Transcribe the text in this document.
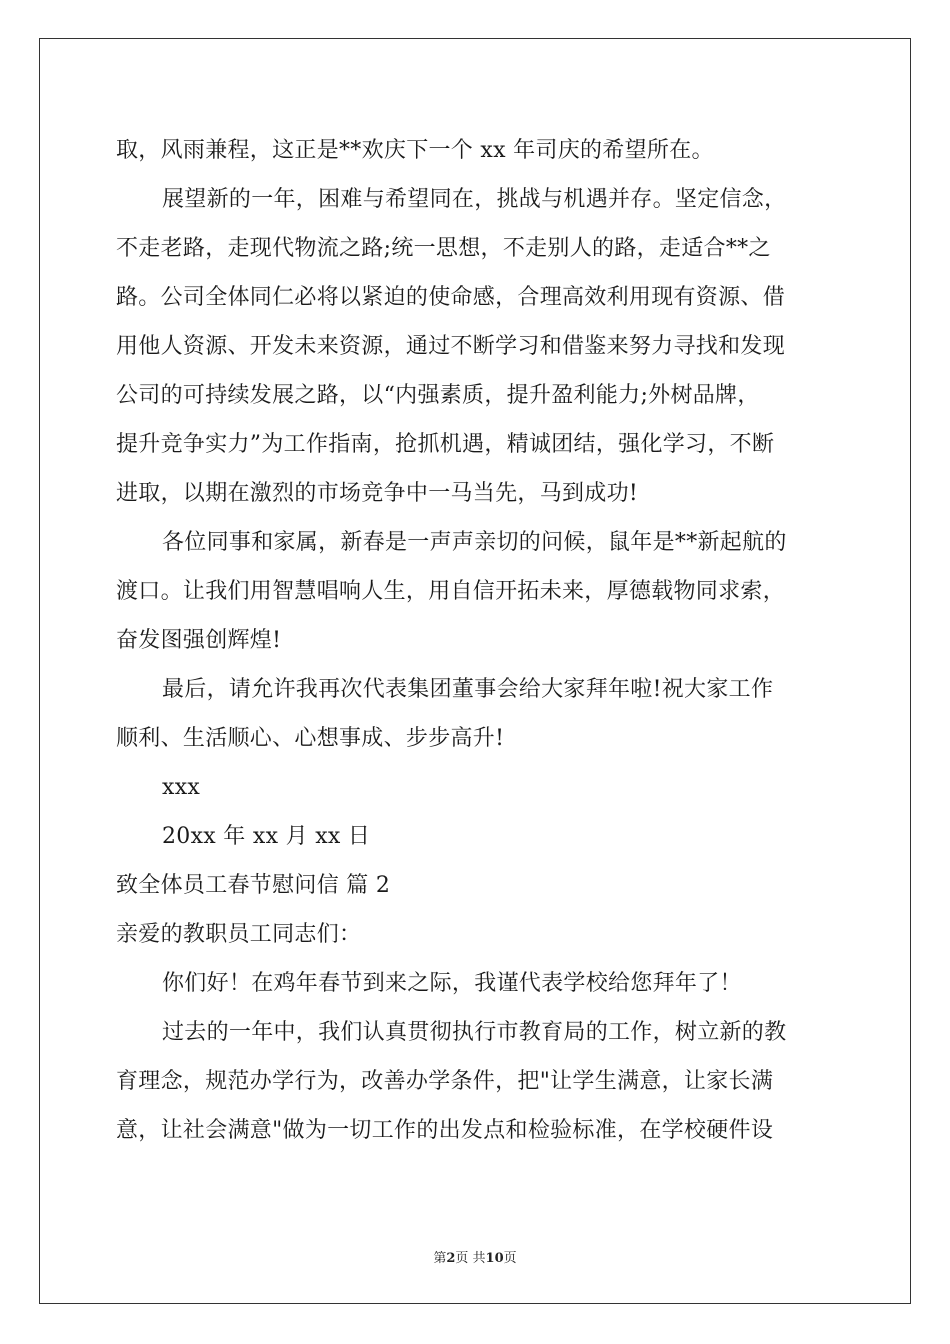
取，风雨兼程，这正是**欢庆下一个 xx 年司庆的希望所在。
展望新的一年，困难与希望同在，挑战与机遇并存。坚定信念，
不走老路，走现代物流之路;统一思想，不走别人的路，走适合**之
路。公司全体同仁必将以紧迫的使命感，合理高效利用现有资源、借
用他人资源、开发未来资源，通过不断学习和借鉴来努力寻找和发现
公司的可持续发展之路，以“内强素质，提升盈利能力;外树品牌，
提升竞争实力”为工作指南，抢抓机遇，精诚团结，强化学习，不断
进取，以期在激烈的市场竞争中一马当先，马到成功!
各位同事和家属，新春是一声声亲切的问候，鼠年是**新起航的
渡口。让我们用智慧唱响人生，用自信开拓未来，厚德载物同求索，
奋发图强创辉煌!
最后，请允许我再次代表集团董事会给大家拜年啦!祝大家工作
顺利、生活顺心、心想事成、步步高升!
xxx
20xx 年 xx 月 xx 日
致全体员工春节慰问信 篇 2
亲爱的教职员工同志们：
你们好！在鸡年春节到来之际，我谨代表学校给您拜年了！
过去的一年中，我们认真贯彻执行市教育局的工作，树立新的教
育理念，规范办学行为，改善办学条件，把"让学生满意，让家长满
意，让社会满意"做为一切工作的出发点和检验标准，在学校硬件设
第2页 共10页
